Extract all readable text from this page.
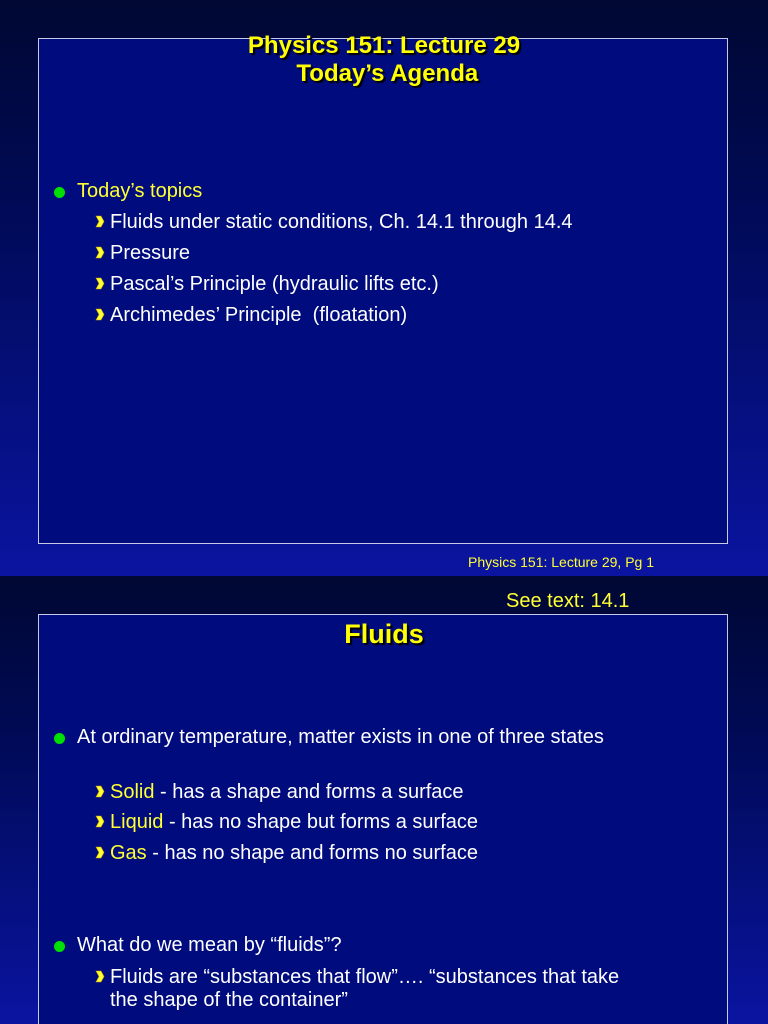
Physics 151: Lecture 29
Today’s Agenda
Today’s topics
Fluids under static conditions, Ch. 14.1 through 14.4
Pressure
Pascal’s Principle (hydraulic lifts etc.)
Archimedes’ Principle  (floatation)
Physics 151: Lecture 29, Pg 1
See text: 14.1
Fluids
At ordinary temperature, matter exists in one of three states
Solid - has a shape and forms a surface
Liquid - has no shape but forms a surface
Gas - has no shape and forms no surface
What do we mean by “fluids”?
Fluids are “substances that flow”…. “substances that take the shape of the container”
